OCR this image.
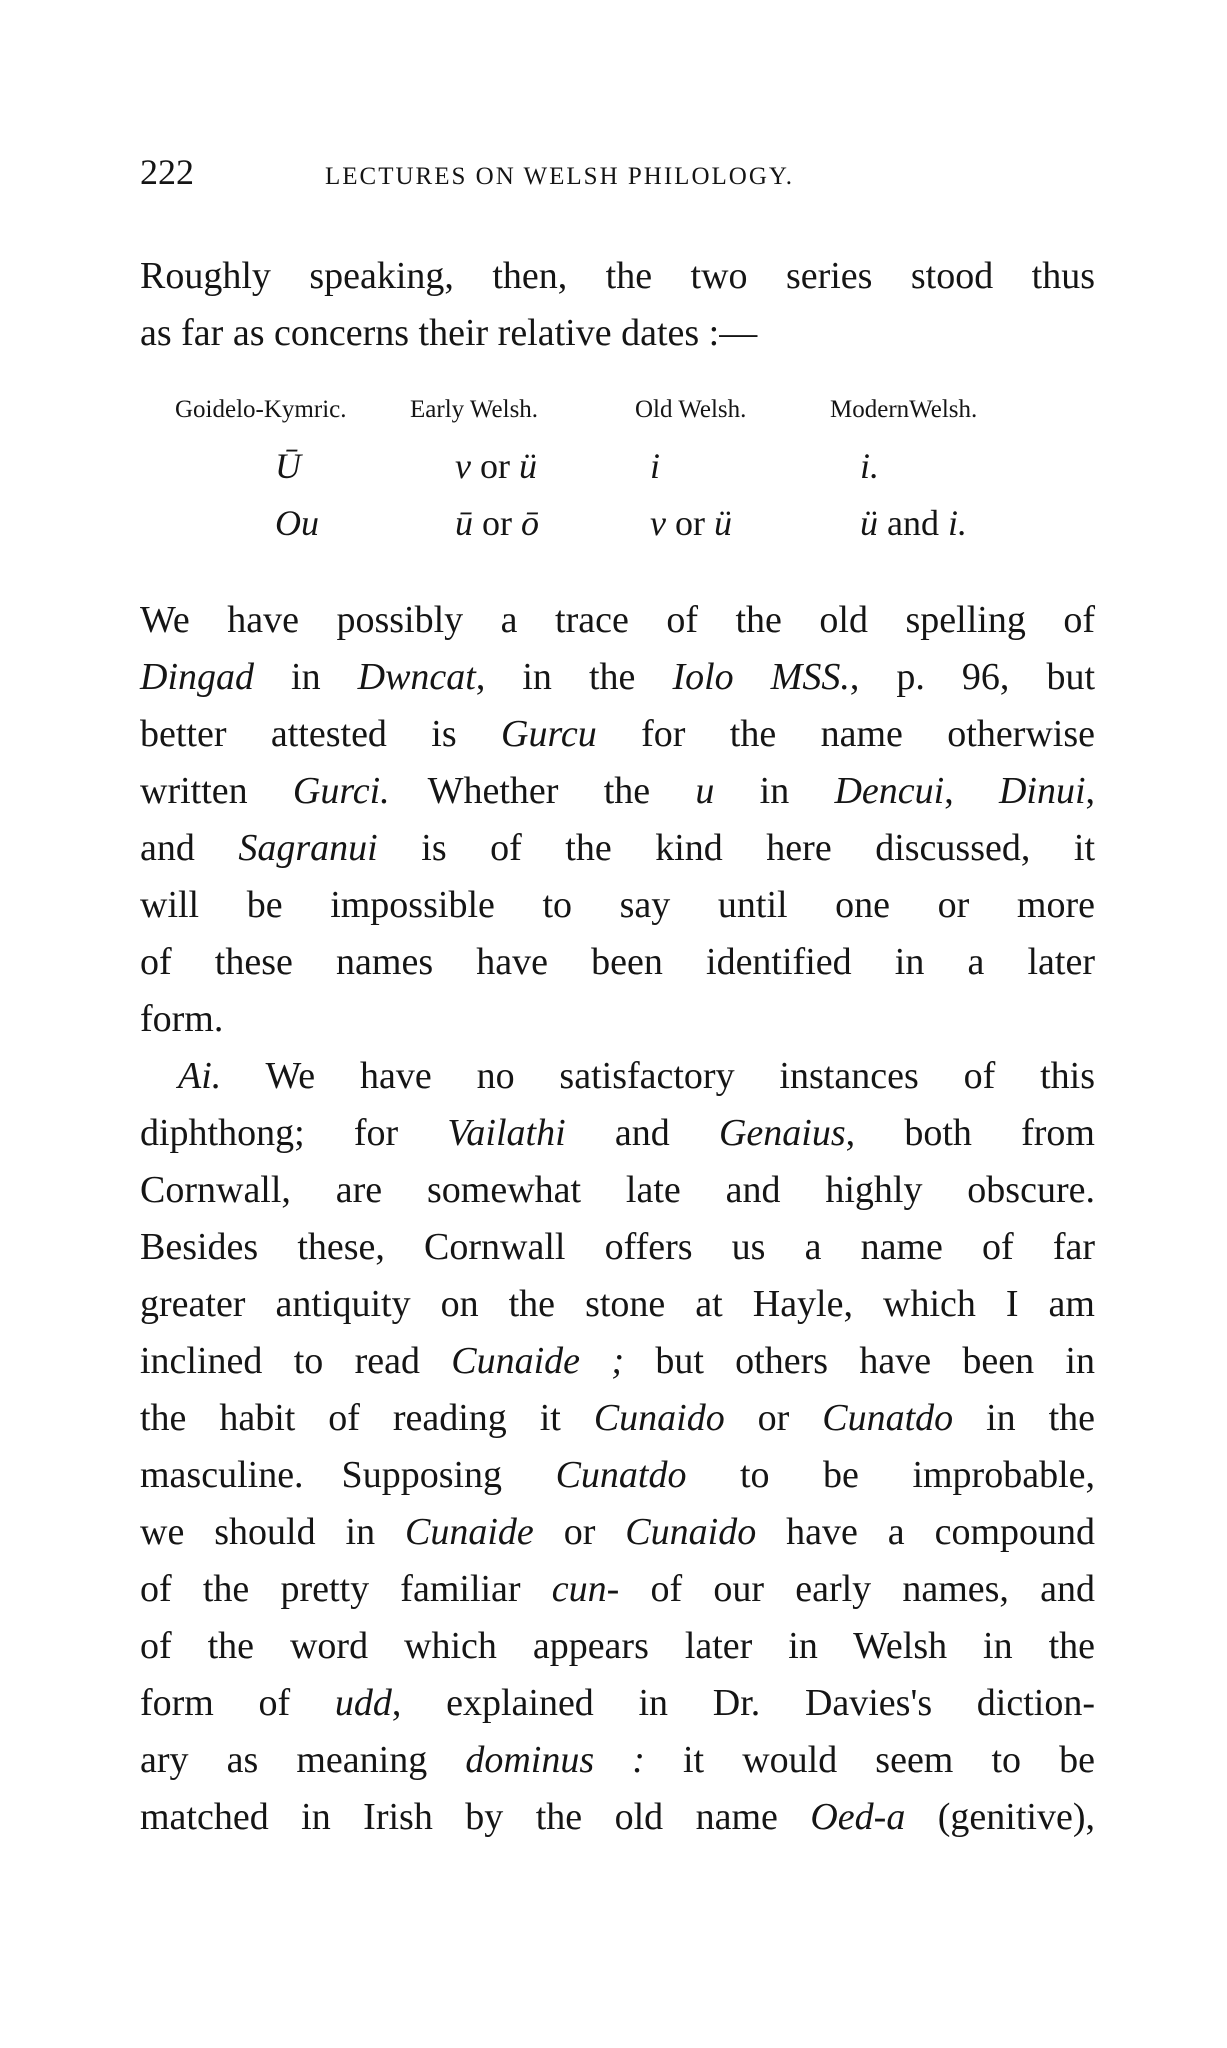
222	LECTURES ON WELSH PHILOLOGY.
Roughly speaking, then, the two series stood thus
as far as concerns their relative dates :—
Goidelo-Kymric.	Early Welsh.	Old Welsh.	ModernWelsh.
Ū	v or ü	i	i.
Ou	ū or ō	v or ü	ü and i.
We have possibly a trace of the old spelling of
Dingad in Dwncat, in the Iolo MSS., p. 96, but
better attested is Gurcu for the name otherwise
written Gurci. Whether the u in Dencui, Dinui,
and Sagranui is of the kind here discussed, it
will be impossible to say until one or more
of these names have been identified in a later
form.
 Ai. We have no satisfactory instances of this
diphthong; for Vailathi and Genaius, both from
Cornwall, are somewhat late and highly obscure.
Besides these, Cornwall offers us a name of far
greater antiquity on the stone at Hayle, which I am
inclined to read Cunaide ; but others have been in
the habit of reading it Cunaido or Cunatdo in the
masculine. Supposing Cunatdo to be improbable,
we should in Cunaide or Cunaido have a compound
of the pretty familiar cun- of our early names, and
of the word which appears later in Welsh in the
form of udd, explained in Dr. Davies's diction-
ary as meaning dominus : it would seem to be
matched in Irish by the old name Oed-a (genitive),
